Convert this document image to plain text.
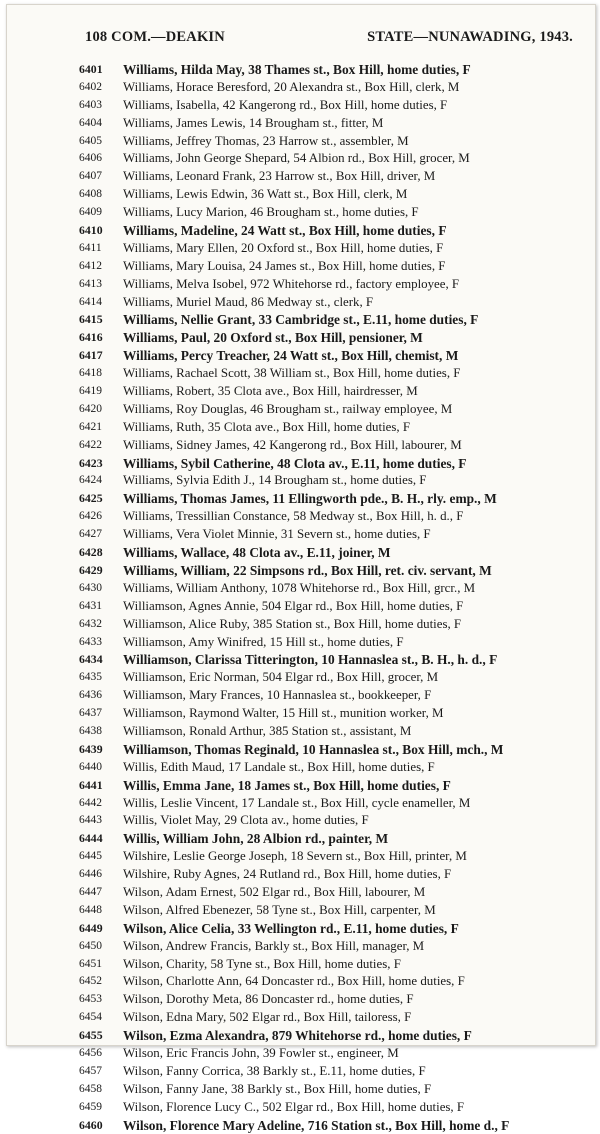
108 COM.—DEAKIN	STATE—NUNAWADING, 1943.
6401 Williams, Hilda May, 38 Thames st., Box Hill, home duties, F
6402 Williams, Horace Beresford, 20 Alexandra st., Box Hill, clerk, M
6403 Williams, Isabella, 42 Kangerong rd., Box Hill, home duties, F
6404 Williams, James Lewis, 14 Brougham st., fitter, M
6405 Williams, Jeffrey Thomas, 23 Harrow st., assembler, M
6406 Williams, John George Shepard, 54 Albion rd., Box Hill, grocer, M
6407 Williams, Leonard Frank, 23 Harrow st., Box Hill, driver, M
6408 Williams, Lewis Edwin, 36 Watt st., Box Hill, clerk, M
6409 Williams, Lucy Marion, 46 Brougham st., home duties, F
6410 Williams, Madeline, 24 Watt st., Box Hill, home duties, F
6411 Williams, Mary Ellen, 20 Oxford st., Box Hill, home duties, F
6412 Williams, Mary Louisa, 24 James st., Box Hill, home duties, F
6413 Williams, Melva Isobel, 972 Whitehorse rd., factory employee, F
6414 Williams, Muriel Maud, 86 Medway st., clerk, F
6415 Williams, Nellie Grant, 33 Cambridge st., E.11, home duties, F
6416 Williams, Paul, 20 Oxford st., Box Hill, pensioner, M
6417 Williams, Percy Treacher, 24 Watt st., Box Hill, chemist, M
6418 Williams, Rachael Scott, 38 William st., Box Hill, home duties, F
6419 Williams, Robert, 35 Clota ave., Box Hill, hairdresser, M
6420 Williams, Roy Douglas, 46 Brougham st., railway employee, M
6421 Williams, Ruth, 35 Clota ave., Box Hill, home duties, F
6422 Williams, Sidney James, 42 Kangerong rd., Box Hill, labourer, M
6423 Williams, Sybil Catherine, 48 Clota av., E.11, home duties, F
6424 Williams, Sylvia Edith J., 14 Brougham st., home duties, F
6425 Williams, Thomas James, 11 Ellingworth pde., B. H., rly. emp., M
6426 Williams, Tressillian Constance, 58 Medway st., Box Hill, h. d., F
6427 Williams, Vera Violet Minnie, 31 Severn st., home duties, F
6428 Williams, Wallace, 48 Clota av., E.11, joiner, M
6429 Williams, William, 22 Simpsons rd., Box Hill, ret. civ. servant, M
6430 Williams, William Anthony, 1078 Whitehorse rd., Box Hill, grcr., M
6431 Williamson, Agnes Annie, 504 Elgar rd., Box Hill, home duties, F
6432 Williamson, Alice Ruby, 385 Station st., Box Hill, home duties, F
6433 Williamson, Amy Winifred, 15 Hill st., home duties, F
6434 Williamson, Clarissa Titterington, 10 Hannaslea st., B. H., h. d., F
6435 Williamson, Eric Norman, 504 Elgar rd., Box Hill, grocer, M
6436 Williamson, Mary Frances, 10 Hannaslea st., bookkeeper, F
6437 Williamson, Raymond Walter, 15 Hill st., munition worker, M
6438 Williamson, Ronald Arthur, 385 Station st., assistant, M
6439 Williamson, Thomas Reginald, 10 Hannaslea st., Box Hill, mch., M
6440 Willis, Edith Maud, 17 Landale st., Box Hill, home duties, F
6441 Willis, Emma Jane, 18 James st., Box Hill, home duties, F
6442 Willis, Leslie Vincent, 17 Landale st., Box Hill, cycle enameller, M
6443 Willis, Violet May, 29 Clota av., home duties, F
6444 Willis, William John, 28 Albion rd., painter, M
6445 Wilshire, Leslie George Joseph, 18 Severn st., Box Hill, printer, M
6446 Wilshire, Ruby Agnes, 24 Rutland rd., Box Hill, home duties, F
6447 Wilson, Adam Ernest, 502 Elgar rd., Box Hill, labourer, M
6448 Wilson, Alfred Ebenezer, 58 Tyne st., Box Hill, carpenter, M
6449 Wilson, Alice Celia, 33 Wellington rd., E.11, home duties, F
6450 Wilson, Andrew Francis, Barkly st., Box Hill, manager, M
6451 Wilson, Charity, 58 Tyne st., Box Hill, home duties, F
6452 Wilson, Charlotte Ann, 64 Doncaster rd., Box Hill, home duties, F
6453 Wilson, Dorothy Meta, 86 Doncaster rd., home duties, F
6454 Wilson, Edna Mary, 502 Elgar rd., Box Hill, tailoress, F
6455 Wilson, Ezma Alexandra, 879 Whitehorse rd., home duties, F
6456 Wilson, Eric Francis John, 39 Fowler st., engineer, M
6457 Wilson, Fanny Corrica, 38 Barkly st., E.11, home duties, F
6458 Wilson, Fanny Jane, 38 Barkly st., Box Hill, home duties, F
6459 Wilson, Florence Lucy C., 502 Elgar rd., Box Hill, home duties, F
6460 Wilson, Florence Mary Adeline, 716 Station st., Box Hill, home d., F
